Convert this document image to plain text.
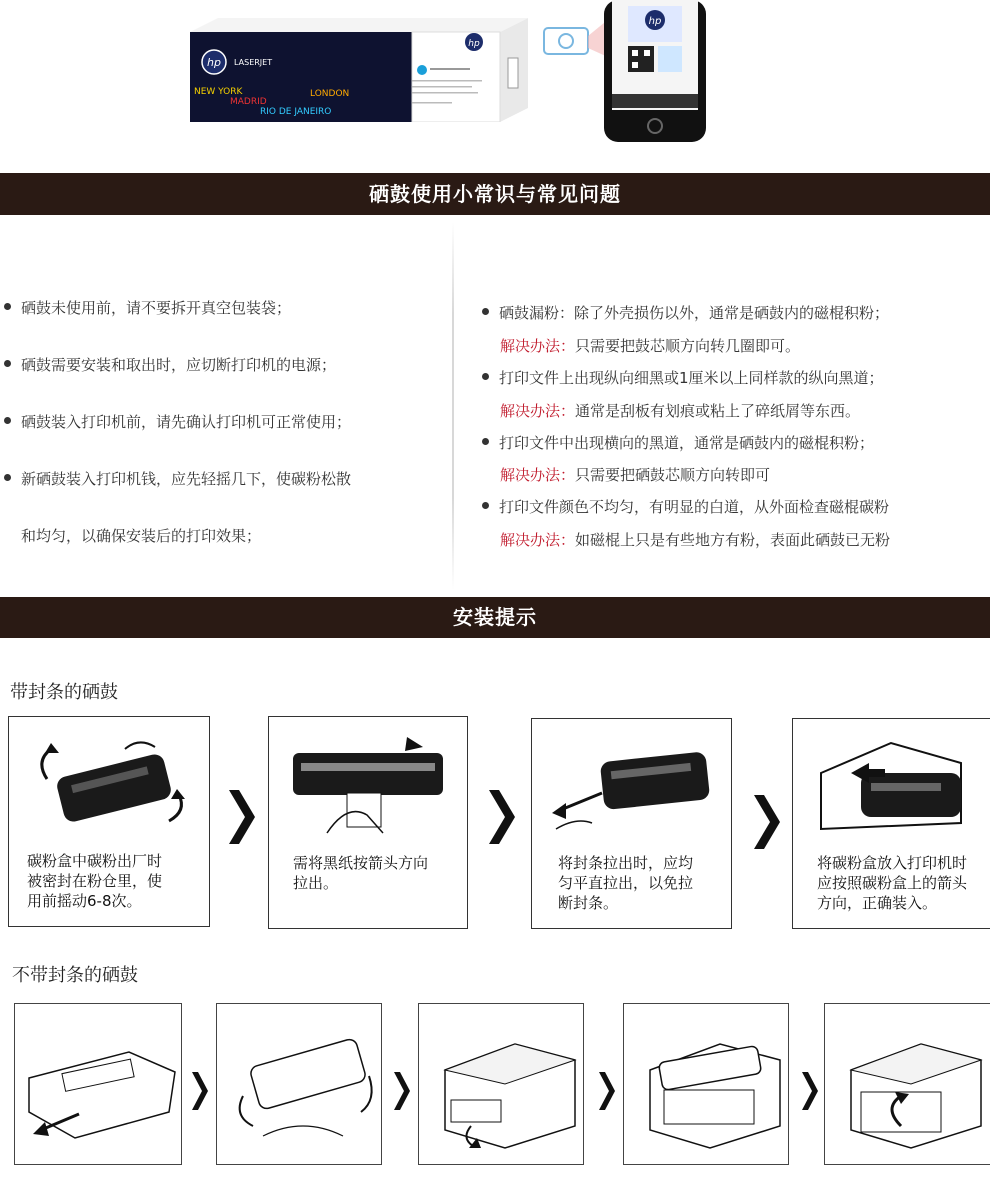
hp LASERJET
NEW YORK
MADRID
RIO DE JANEIRO
LONDON
hp
hp
硒鼓使用小常识与常见问题
硒鼓未使用前，请不要拆开真空包装袋；
硒鼓需要安装和取出时，应切断打印机的电源；
硒鼓装入打印机前，请先确认打印机可正常使用；
新硒鼓装入打印机钱，应先轻摇几下，使碳粉松散
和均匀，以确保安装后的打印效果；
硒鼓漏粉：除了外壳损伤以外，通常是硒鼓内的磁棍积粉；
解决办法：只需要把鼓芯顺方向转几圈即可。
打印文件上出现纵向细黑或1厘米以上同样款的纵向黑道；
解决办法：通常是刮板有划痕或粘上了碎纸屑等东西。
打印文件中出现横向的黑道，通常是硒鼓内的磁棍积粉；
解决办法：只需要把硒鼓芯顺方向转即可
打印文件颜色不均匀，有明显的白道，从外面检查磁棍碳粉
解决办法：如磁棍上只是有些地方有粉，表面此硒鼓已无粉
安装提示
带封条的硒鼓
碳粉盒中碳粉出厂时
被密封在粉仓里，使
用前摇动6-8次。
需将黑纸按箭头方向
拉出。
将封条拉出时，应均
匀平直拉出，以免拉
断封条。
将碳粉盒放入打印机时
应按照碳粉盒上的箭头
方向，正确装入。
不带封条的硒鼓
